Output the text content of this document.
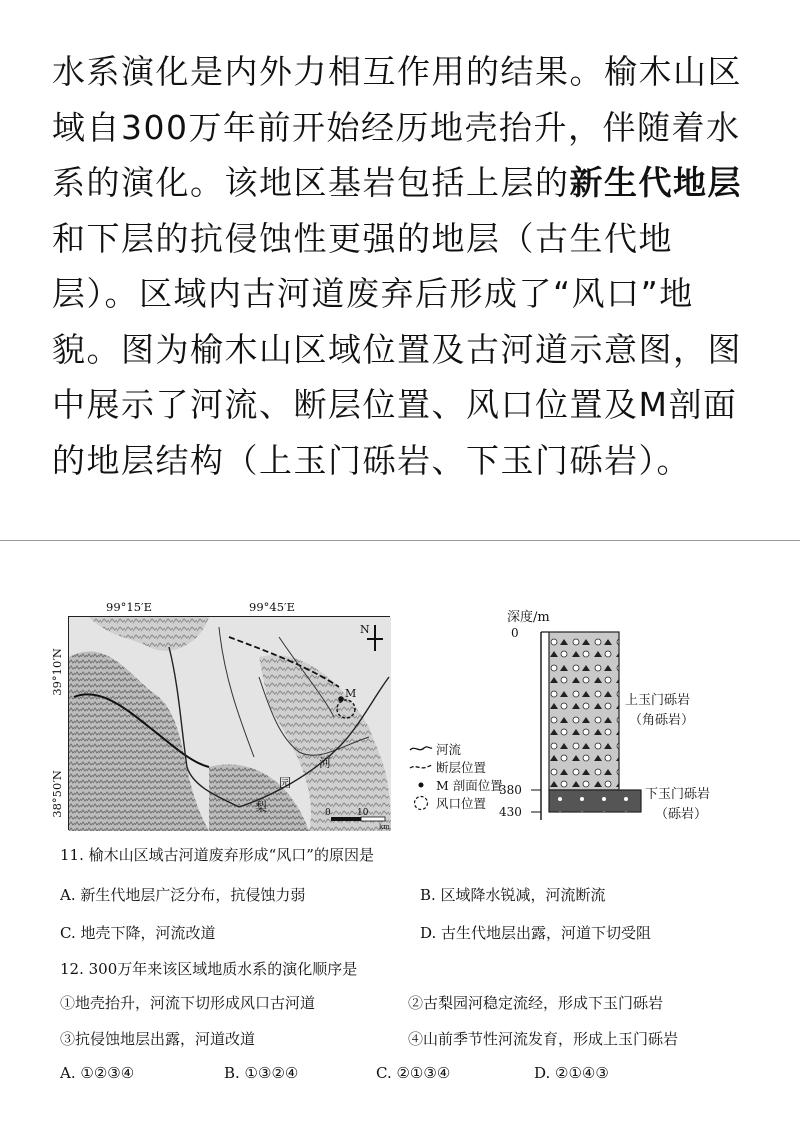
水系演化是内外力相互作用的结果。榆木山区域自300万年前开始经历地壳抬升，伴随着水系的演化。该地区基岩包括上层的新生代地层和下层的抗侵蚀性更强的地层（古生代地层）。区域内古河道废弃后形成了“风口”地貌。图为榆木山区域位置及古河道示意图，图中展示了河流、断层位置、风口位置及M剖面的地层结构（上玉门砾岩、下玉门砾岩）。
99°15′E	99°45′E
39°10′N
38°50′N
M
N
河
园
梨	0	10
km
河流
断层位置
M 剖面位置
风口位置
深度/m
0
380
430
上玉门砾岩
（角砾岩）
下玉门砾岩
（砾岩）
11. 榆木山区域古河道废弃形成“风口”的原因是
A. 新生代地层广泛分布，抗侵蚀力弱	B. 区域降水锐减，河流断流
C. 地壳下降，河流改道	D. 古生代地层出露，河道下切受阻
12. 300万年来该区域地质水系的演化顺序是
①地壳抬升，河流下切形成风口古河道	②古梨园河稳定流经，形成下玉门砾岩
③抗侵蚀地层出露，河道改道	④山前季节性河流发育，形成上玉门砾岩
A. ①②③④	B. ①③②④	C. ②①③④	D. ②①④③
